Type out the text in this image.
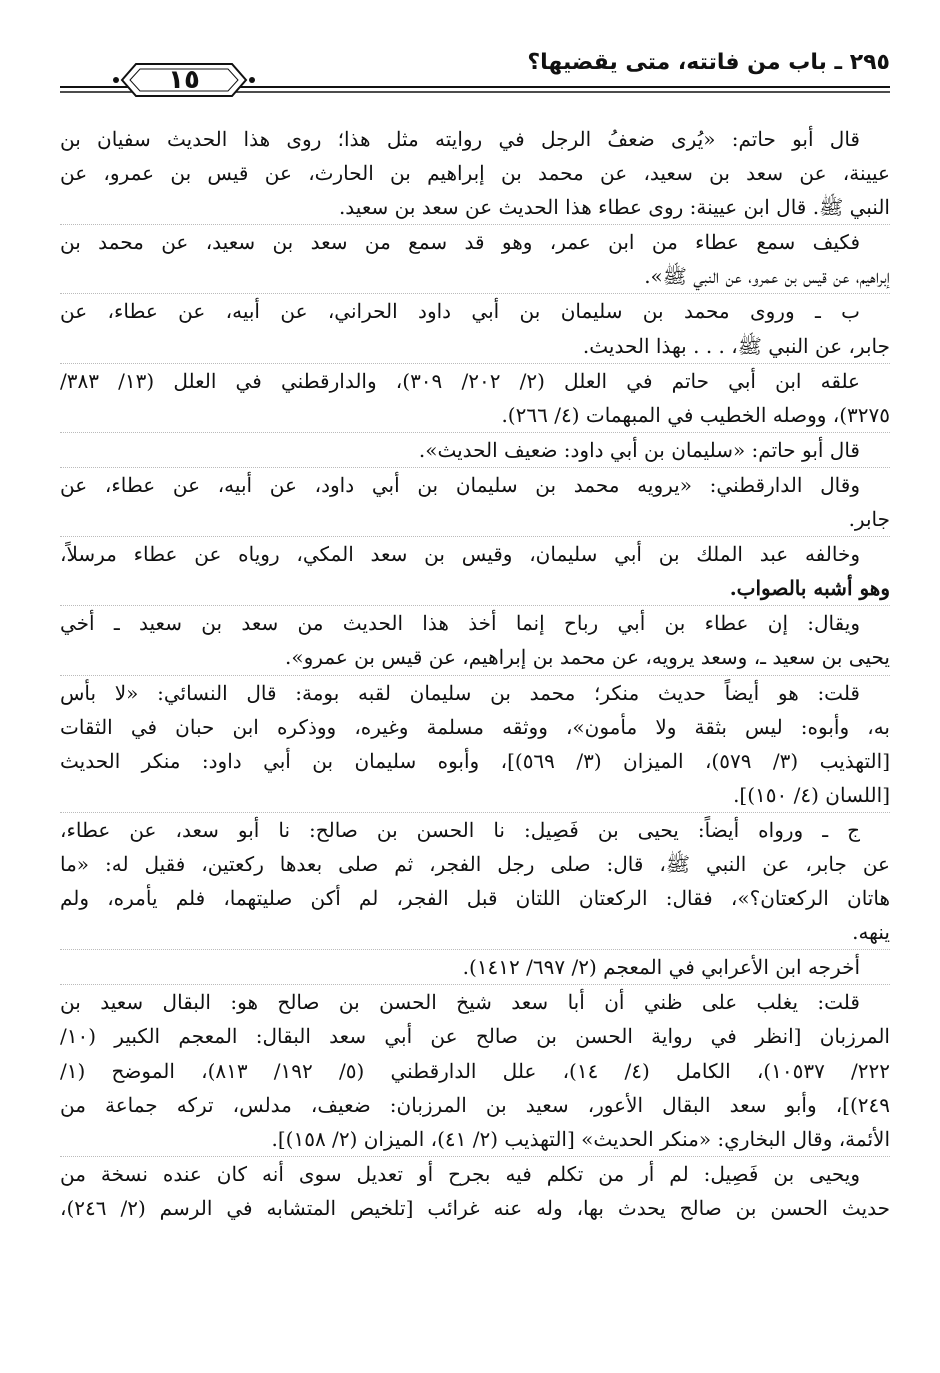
٢٩٥ ـ باب من فاتته، متى يقضيها؟
١٥
قال أبو حاتم: «يُرى ضعفُ الرجل في روايته مثل هذا؛ روى هذا الحديث سفيان بن
عيينة، عن سعد بن سعيد، عن محمد بن إبراهيم بن الحارث، عن قيس بن عمرو، عن
النبي ﷺ. قال ابن عيينة: روى عطاء هذا الحديث عن سعد بن سعيد.
فكيف سمع عطاء من ابن عمر، وهو قد سمع من سعد بن سعيد، عن محمد بن
إبراهيم، عن قيس بن عمرو، عن النبي ﷺ».
ب ـ وروى محمد بن سليمان بن أبي داود الحراني، عن أبيه، عن عطاء، عن
جابر، عن النبي ﷺ، . . . بهذا الحديث.
علقه ابن أبي حاتم في العلل (٢/ ٢٠٢/ ٣٠٩)، والدارقطني في العلل (١٣/ ٣٨٣/
٣٢٧٥)، ووصله الخطيب في المبهمات (٤/ ٢٦٦).
قال أبو حاتم: «سليمان بن أبي داود: ضعيف الحديث».
وقال الدارقطني: «يرويه محمد بن سليمان بن أبي داود، عن أبيه، عن عطاء، عن
جابر.
وخالفه عبد الملك بن أبي سليمان، وقيس بن سعد المكي، روياه عن عطاء مرسلاً،
وهو أشبه بالصواب.
ويقال: إن عطاء بن أبي رباح إنما أخذ هذا الحديث من سعد بن سعيد ـ أخي
يحيى بن سعيد ـ، وسعد يرويه، عن محمد بن إبراهيم، عن قيس بن عمرو».
قلت: هو أيضاً حديث منكر؛ محمد بن سليمان لقبه بومة: قال النسائي: «لا بأس
به، وأبوه: ليس بثقة ولا مأمون»، ووثقه مسلمة وغيره، ووذكره ابن حبان في الثقات
[التهذيب (٣/ ٥٧٩)، الميزان (٣/ ٥٦٩)]، وأبوه سليمان بن أبي داود: منكر الحديث
[اللسان (٤/ ١٥٠)].
ج ـ ورواه أيضاً: يحيى بن فَصِيل: نا الحسن بن صالح: نا أبو سعد، عن عطاء،
عن جابر، عن النبي ﷺ، قال: صلى رجل الفجر، ثم صلى بعدها ركعتين، فقيل له: «ما
هاتان الركعتان؟»، فقال: الركعتان اللتان قبل الفجر، لم أكن صليتهما، فلم يأمره، ولم
ينهه.
أخرجه ابن الأعرابي في المعجم (٢/ ٦٩٧/ ١٤١٢).
قلت: يغلب على ظني أن أبا سعد شيخ الحسن بن صالح هو: البقال سعيد بن
المرزبان [انظر في رواية الحسن بن صالح عن أبي سعد البقال: المعجم الكبير (١٠/
٢٢٢/ ١٠٥٣٧)، الكامل (٤/ ١٤)، علل الدارقطني (٥/ ١٩٢/ ٨١٣)، الموضح (١/
٢٤٩)]، وأبو سعد البقال الأعور، سعيد بن المرزبان: ضعيف، مدلس، تركه جماعة من
الأئمة، وقال البخاري: «منكر الحديث» [التهذيب (٢/ ٤١)، الميزان (٢/ ١٥٨)].
ويحيى بن فَصِيل: لم أر من تكلم فيه بجرح أو تعديل سوى أنه كان عنده نسخة من
حديث الحسن بن صالح يحدث بها، وله عنه غرائب [تلخيص المتشابه في الرسم (٢/ ٢٤٦)،
